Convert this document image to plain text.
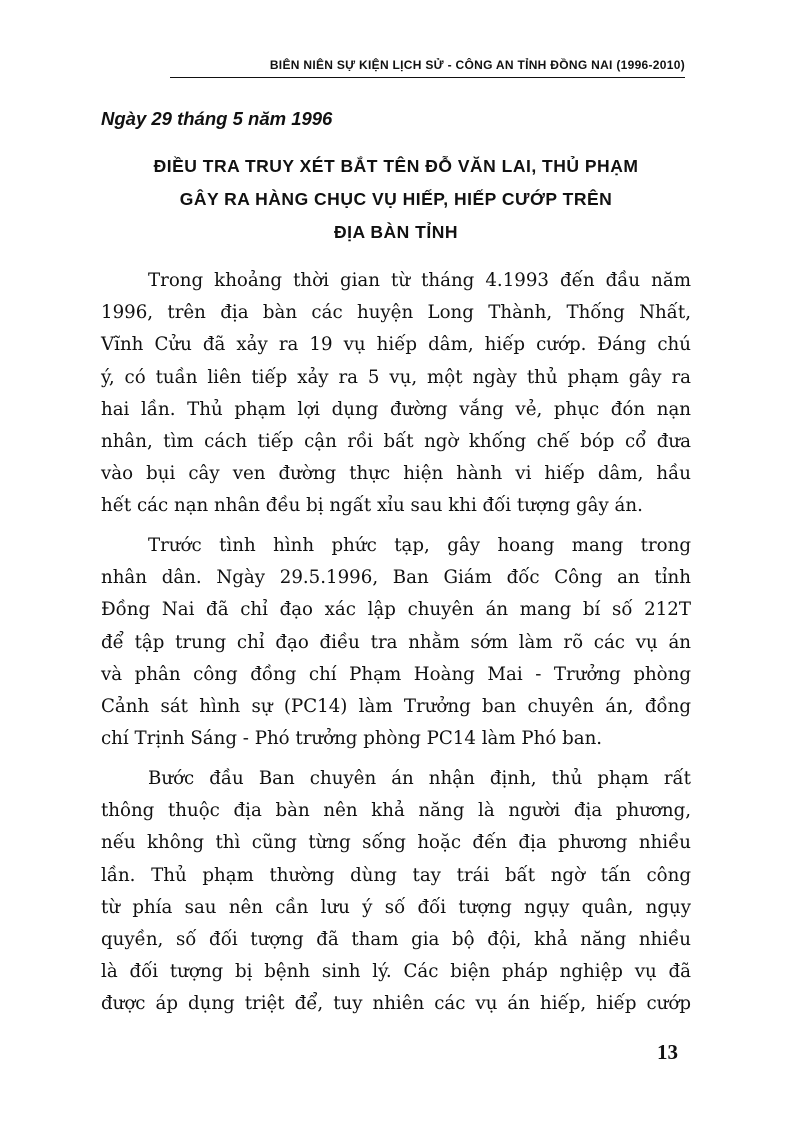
BIÊN NIÊN SỰ KIỆN LỊCH SỬ - CÔNG AN TỈNH ĐỒNG NAI (1996-2010)
Ngày 29 tháng 5 năm 1996
ĐIỀU TRA TRUY XÉT BẮT TÊN ĐỖ VĂN LAI, THỦ PHẠM
GÂY RA HÀNG CHỤC VỤ HIẾP, HIẾP CƯỚP TRÊN
ĐỊA BÀN TỈNH
Trong khoảng thời gian từ tháng 4.1993 đến đầu năm
1996, trên địa bàn các huyện Long Thành, Thống Nhất,
Vĩnh Cửu đã xảy ra 19 vụ hiếp dâm, hiếp cướp. Đáng chú
ý, có tuần liên tiếp xảy ra 5 vụ, một ngày thủ phạm gây ra
hai lần. Thủ phạm lợi dụng đường vắng vẻ, phục đón nạn
nhân, tìm cách tiếp cận rồi bất ngờ khống chế bóp cổ đưa
vào bụi cây ven đường thực hiện hành vi hiếp dâm, hầu
hết các nạn nhân đều bị ngất xỉu sau khi đối tượng gây án.
Trước tình hình phức tạp, gây hoang mang trong
nhân dân. Ngày 29.5.1996, Ban Giám đốc Công an tỉnh
Đồng Nai đã chỉ đạo xác lập chuyên án mang bí số 212T
để tập trung chỉ đạo điều tra nhằm sớm làm rõ các vụ án
và phân công đồng chí Phạm Hoàng Mai - Trưởng phòng
Cảnh sát hình sự (PC14) làm Trưởng ban chuyên án, đồng
chí Trịnh Sáng - Phó trưởng phòng PC14 làm Phó ban.
Bước đầu Ban chuyên án nhận định, thủ phạm rất
thông thuộc địa bàn nên khả năng là người địa phương,
nếu không thì cũng từng sống hoặc đến địa phương nhiều
lần. Thủ phạm thường dùng tay trái bất ngờ tấn công
từ phía sau nên cần lưu ý số đối tượng ngụy quân, ngụy
quyền, số đối tượng đã tham gia bộ đội, khả năng nhiều
là đối tượng bị bệnh sinh lý. Các biện pháp nghiệp vụ đã
được áp dụng triệt để, tuy nhiên các vụ án hiếp, hiếp cướp
13
